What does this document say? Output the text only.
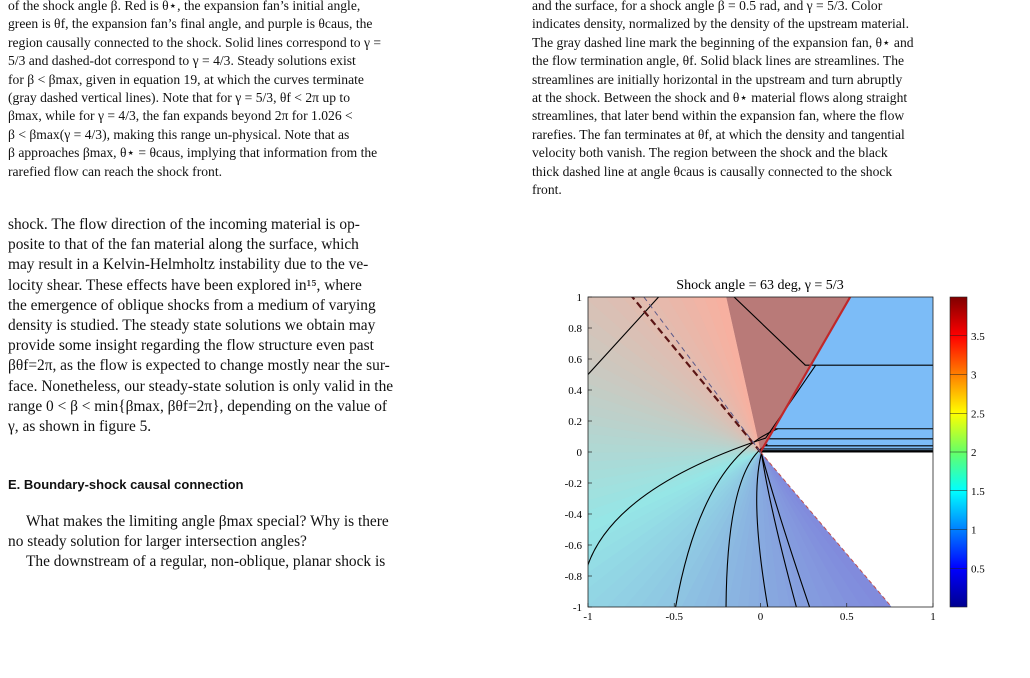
of the shock angle β. Red is θ⋆, the expansion fan’s initial angle,
green is θf, the expansion fan’s final angle, and purple is θcaus, the
region causally connected to the shock. Solid lines correspond to γ =
5/3 and dashed-dot correspond to γ = 4/3. Steady solutions exist
for β < βmax, given in equation 19, at which the curves terminate
(gray dashed vertical lines). Note that for γ = 5/3, θf < 2π up to
βmax, while for γ = 4/3, the fan expands beyond 2π for 1.026 <
β < βmax(γ = 4/3), making this range un-physical. Note that as
β approaches βmax, θ⋆ = θcaus, implying that information from the
rarefied flow can reach the shock front.
shock. The flow direction of the incoming material is op-
posite to that of the fan material along the surface, which
may result in a Kelvin-Helmholtz instability due to the ve-
locity shear. These effects have been explored in¹⁵, where
the emergence of oblique shocks from a medium of varying
density is studied. The steady state solutions we obtain may
provide some insight regarding the flow structure even past
βθf=2π, as the flow is expected to change mostly near the sur-
face. Nonetheless, our steady-state solution is only valid in the
range 0 < β < min{βmax, βθf=2π}, depending on the value of
γ, as shown in figure 5.
E. Boundary-shock causal connection
What makes the limiting angle βmax special? Why is there
no steady solution for larger intersection angles?
The downstream of a regular, non-oblique, planar shock is
and the surface, for a shock angle β = 0.5 rad, and γ = 5/3. Color
indicates density, normalized by the density of the upstream material.
The gray dashed line mark the beginning of the expansion fan, θ⋆ and
the flow termination angle, θf. Solid black lines are streamlines. The
streamlines are initially horizontal in the upstream and turn abruptly
at the shock. Between the shock and θ⋆ material flows along straight
streamlines, that later bend within the expansion fan, where the flow
rarefies. The fan terminates at θf, at which the density and tangential
velocity both vanish. The region between the shock and the black
thick dashed line at angle θcaus is causally connected to the shock
front.
Shock angle = 63 deg, γ = 5/3
-1	-0.5	0	0.5	1
1
0.8
0.6
0.4
0.2
0
-0.2
-0.4
-0.6
-0.8
-1
3.5
3
2.5
2
1.5
1
0.5
